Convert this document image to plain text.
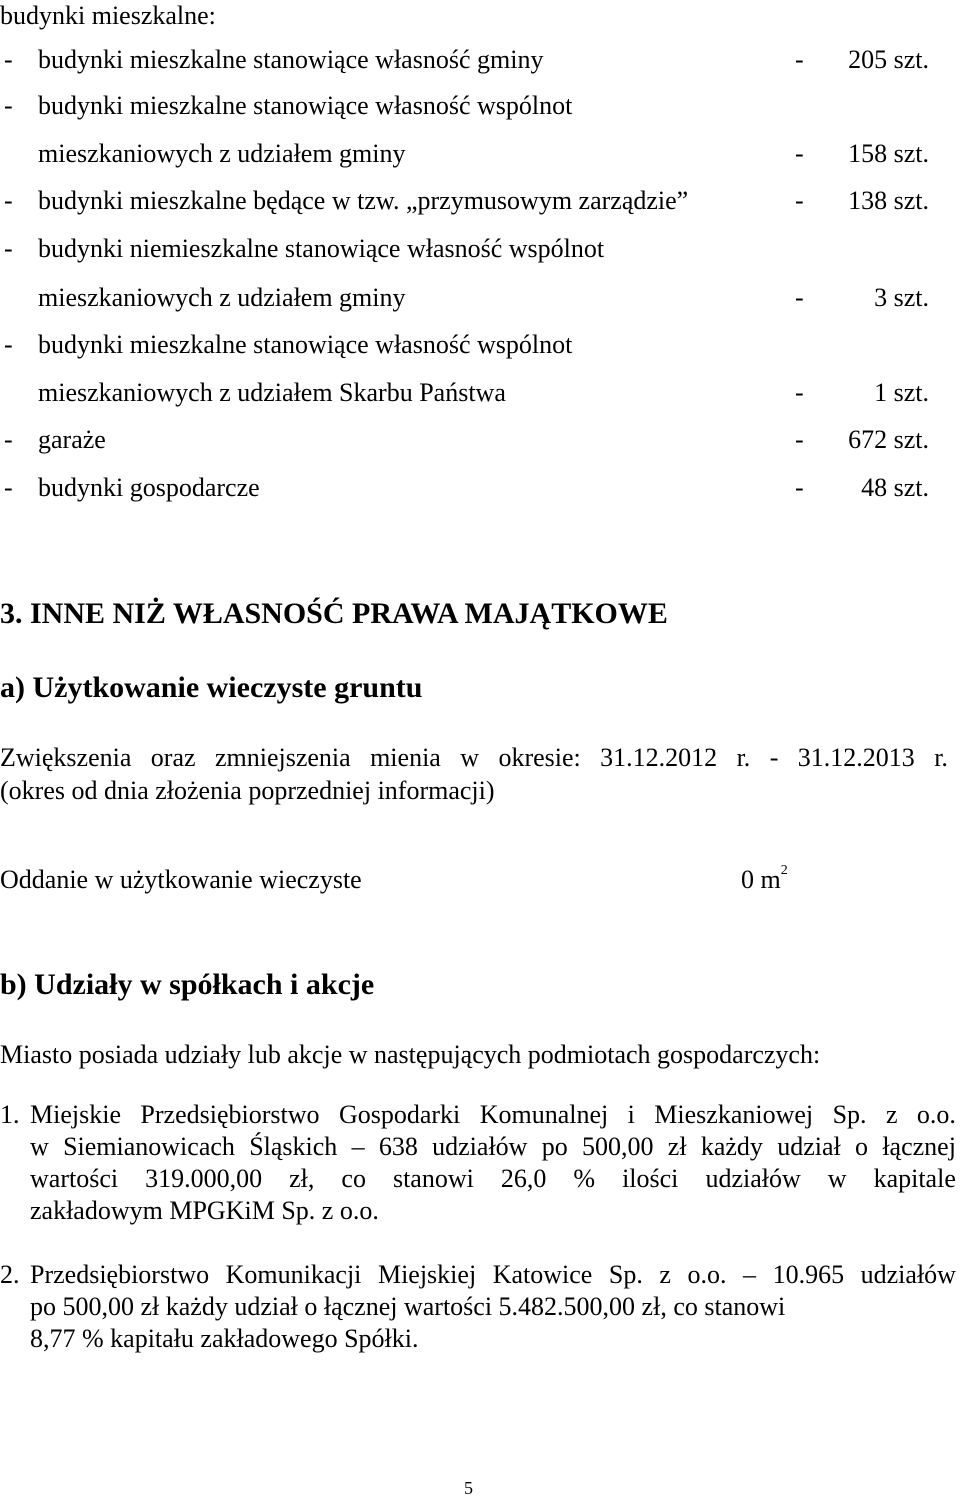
budynki mieszkalne:
- budynki mieszkalne stanowiące własność gminy	- 205 szt.
- budynki mieszkalne stanowiące własność wspólnot
mieszkaniowych z udziałem gminy	- 158 szt.
- budynki mieszkalne będące w tzw. „przymusowym zarządzie”	- 138 szt.
- budynki niemieszkalne stanowiące własność wspólnot
mieszkaniowych z udziałem gminy	-	3 szt.
- budynki mieszkalne stanowiące własność wspólnot
mieszkaniowych z udziałem Skarbu Państwa	-	1 szt.
- garaże	- 672 szt.
- budynki gospodarcze	- 48 szt.
3. INNE NIŻ WŁASNOŚĆ PRAWA MAJĄTKOWE
a) Użytkowanie wieczyste gruntu
Zwiększenia oraz zmniejszenia mienia w okresie: 31.12.2012 r. - 31.12.2013 r.
(okres od dnia złożenia poprzedniej informacji)
Oddanie w użytkowanie wieczyste	0 $m^2$
b) Udziały w spółkach i akcje
Miasto posiada udziały lub akcje w następujących podmiotach gospodarczych:
1. Miejskie Przedsiębiorstwo Gospodarki Komunalnej i Mieszkaniowej Sp. z o.o.
w Siemianowicach Śląskich – 638 udziałów po 500,00 zł każdy udział o łącznej
wartości 319.000,00 zł, co stanowi 26,0 % ilości udziałów w kapitale
zakładowym MPGKiM Sp. z o.o.
2. Przedsiębiorstwo Komunikacji Miejskiej Katowice Sp. z o.o. – 10.965 udziałów
po 500,00 zł każdy udział o łącznej wartości 5.482.500,00 zł, co stanowi
8,77 % kapitału zakładowego Spółki.
5
